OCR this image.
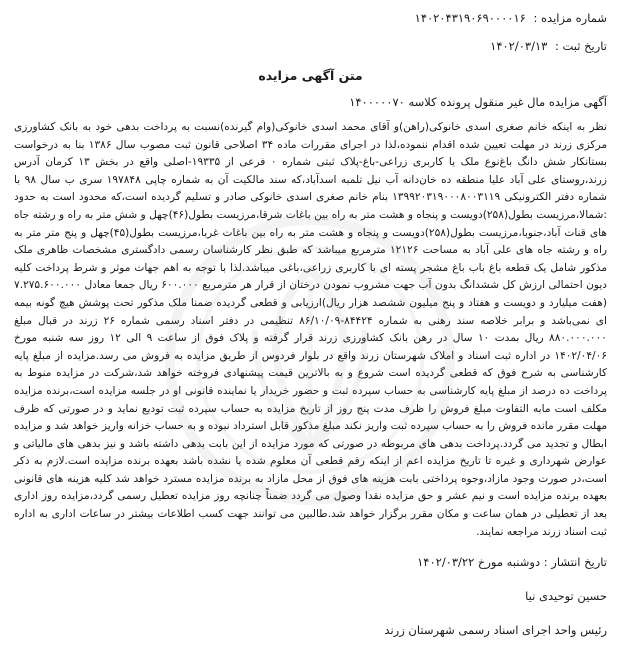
شماره مزایده : ۱۴۰۲۰۴۳۱۹۰۶۹۰۰۰۰۱۶

تاریخ ثبت : ۱۴۰۲/۰۳/۱۳

متن آگهی مزایده

آگهی مزایده مال غیر منقول پرونده کلاسه ۱۴۰۰۰۰۰۷۰

نظر به اینکه خانم صغری اسدی خانوکی(راهن)و آقای محمد اسدی خانوکی(وام گیرنده)نسبت به پرداخت بدهی خود به بانک کشاورزی مرکزی زرند در مهلت تعیین شده اقدام ننموده،لذا در اجرای مقررات ماده ۳۴ اصلاحی قانون ثبت مصوب سال ۱۳۸۶ بنا به درخواست بستانکار شش دانگ باغ‌نوع ملک یا کاربری زراعی-باغ-پلاک ثبتی شماره ۰ فرعی از ۱۹۳۳۵-اصلی واقع در بخش ۱۳ کرمان آدرس زرند،روستای علی آباد علیا منطقه ده خان‌دانه آب نیل تلمبه اسدآباد،که سند مالکیت آن به شماره چاپی ۱۹۷۸۴۸ سری ب سال ۹۸ با شماره دفتر الکترونیکی ۱۳۹۹۲۰۳۱۹۰۰۰۸۰۰۳۱۱۹ بنام خانم صغری اسدی خانوکی صادر و تسلیم گردیده است،که محدود است به حدود :شمالا،مرزیست بطول(۲۵۸)دویست و پنجاه و هشت متر به راه بین باغات شرقا،مرزیست بطول(۴۶)چهل و شش متر به راه و رشته جاه های قنات آباد،جنوبا،مرزیست بطول(۲۵۸)دویست و پنجاه و هشت متر به راه بین باغات غربا،مرزیست بطول(۴۵)چهل و پنج متر متر به راه و رشته جاه های علی آباد به مساحت ۱۲۱۲۶ مترمربع میباشد که طبق نظر کارشناسان رسمی دادگستری مشخصات ظاهری ملک مذکور شامل یک قطعه باغ باب باغ مشجر پسته ای با کاربری زراعی،باغی میباشد.لذا با توجه به اهم جهات موثر و شرط پرداخت کلیه دیون احتمالی ارزش کل ششدانگ بدون آب جهت مشروب نمودن درختان از قرار هر مترمربع ۶۰۰.۰۰۰ ریال جمعا معادل ۷.۲۷۵.۶۰۰.۰۰۰ (هفت میلیارد و دویست و هفتاد و پنج میلیون ششصد هزار ریال)ارزیابی و قطعی گردیده ضمنا ملک مذکور تحت پوشش هیچ گونه بیمه ای نمی‌باشد و برابر خلاصه سند رهنی به شماره ۸۴۴۲۴-۸۶/۱۰/۰۹ تنظیمی در دفتر اسناد رسمی شماره ۲۶ زرند در قبال مبلغ ۸۸۰.۰۰۰.۰۰۰ ریال بمدت ۱۰ سال در رهن بانک کشاورزی زرند قرار گرفته و پلاک فوق از ساعت ۹ الی ۱۲ روز سه شنبه مورخ ۱۴۰۲/۰۴/۰۶ در اداره ثبت اسناد و املاک شهرستان زرند واقع در بلوار فردوس از طریق مزایده به فروش می رسد.مزایده از مبلغ پایه کارشناسی به شرح فوق که قطعی گردیده است شروع و به بالاترین قیمت پیشنهادی فروخته خواهد شد،شرکت در مزایده منوط به پرداخت ده درصد از مبلغ پایه کارشناسی به حساب سپرده ثبت و حضور خریدار یا نماینده قانونی او در جلسه مزایده است،برنده مزایده مکلف است مابه التفاوت مبلغ فروش را ظرف مدت پنج روز از تاریخ مزایده به حساب سپرده ثبت تودیع نماید و در صورتی که ظرف مهلت مقرر مانده فروش را به حساب سپرده ثبت واریز نکند مبلغ مذکور قابل استرداد نبوده و به حساب خزانه واریز خواهد شد و مزایده ابطال و تجدید می گردد.پرداخت بدهی های مربوطه در صورتی که مورد مزایده از این بابت بدهی داشته باشد و نیز بدهی های مالیاتی و عوارض شهرداری و غیره تا تاریخ مزایده اعم از اینکه رقم قطعی آن معلوم شده یا نشده باشد بعهده برنده مزایده است.لازم به ذکر است،در صورت وجود مازاد،وجوه پرداختی بابت هزینه های فوق از محل مازاد به برنده مزایده مسترد خواهد شد کلیه هزینه های قانونی بعهده برنده مزایده است و نیم عشر و حق مزایده نقدا وصول می گردد ضمناً چنانچه روز مزایده تعطیل رسمی گردد،مزایده روز اداری بعد از تعطیلی در همان ساعت و مکان مقرر برگزار خواهد شد.طالبین می توانند جهت کسب اطلاعات بیشتر در ساعات اداری به اداره ثبت اسناد زرند مراجعه نمایند.

تاریخ انتشار : دوشنبه مورخ ۱۴۰۲/۰۳/۲۲

حسین توحیدی نیا

رئیس واحد اجرای اسناد رسمی شهرستان زرند
